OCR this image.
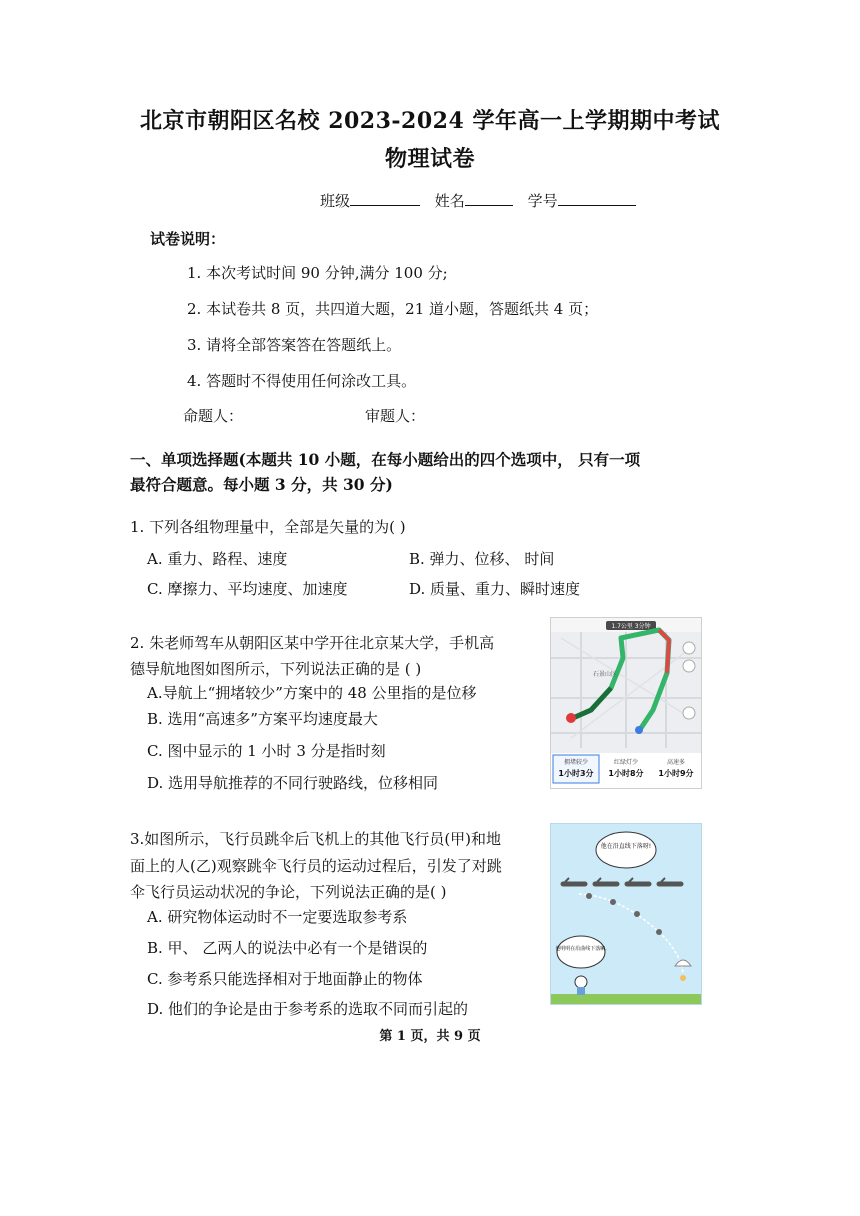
北京市朝阳区名校 2023-2024 学年高一上学期期中考试
物理试卷
班级	姓名	学号
试卷说明：
1. 本次考试时间 90 分钟,满分 100 分;
2. 本试卷共 8 页，共四道大题，21 道小题，答题纸共 4 页；
3. 请将全部答案答在答题纸上。
4. 答题时不得使用任何涂改工具。
命题人：	审题人：
一、单项选择题(本题共 10 小题，在每小题给出的四个选项中， 只有一项
最符合题意。每小题 3 分，共 30 分)
1. 下列各组物理量中，全部是矢量的为( )
A. 重力、路程、速度	B. 弹力、位移、 时间
C. 摩擦力、平均速度、加速度	D. 质量、重力、瞬时速度
2. 朱老师驾车从朝阳区某中学开往北京某大学，手机高
德导航地图如图所示，下列说法正确的是 ( )
A.导航上“拥堵较少”方案中的 48 公里指的是位移
B. 选用“高速多”方案平均速度最大
C. 图中显示的 1 小时 3 分是指时刻
D. 选用导航推荐的不同行驶路线，位移相同
1.7公里 3分钟
石景山区
拥堵较少
1小时3分
红绿灯少
1小时8分
高速多
1小时9分
3.如图所示，飞行员跳伞后飞机上的其他飞行员(甲)和地
面上的人(乙)观察跳伞飞行员的运动过程后，引发了对跳
伞飞行员运动状况的争论，下列说法正确的是( )
A. 研究物体运动时不一定要选取参考系
B. 甲、 乙两人的说法中必有一个是错误的
C. 参考系只能选择相对于地面静止的物体
D. 他们的争论是由于参考系的选取不同而引起的
他在沿直线下落呀!
他明明在沿曲线下落嘛.
第 1 页，共 9 页
